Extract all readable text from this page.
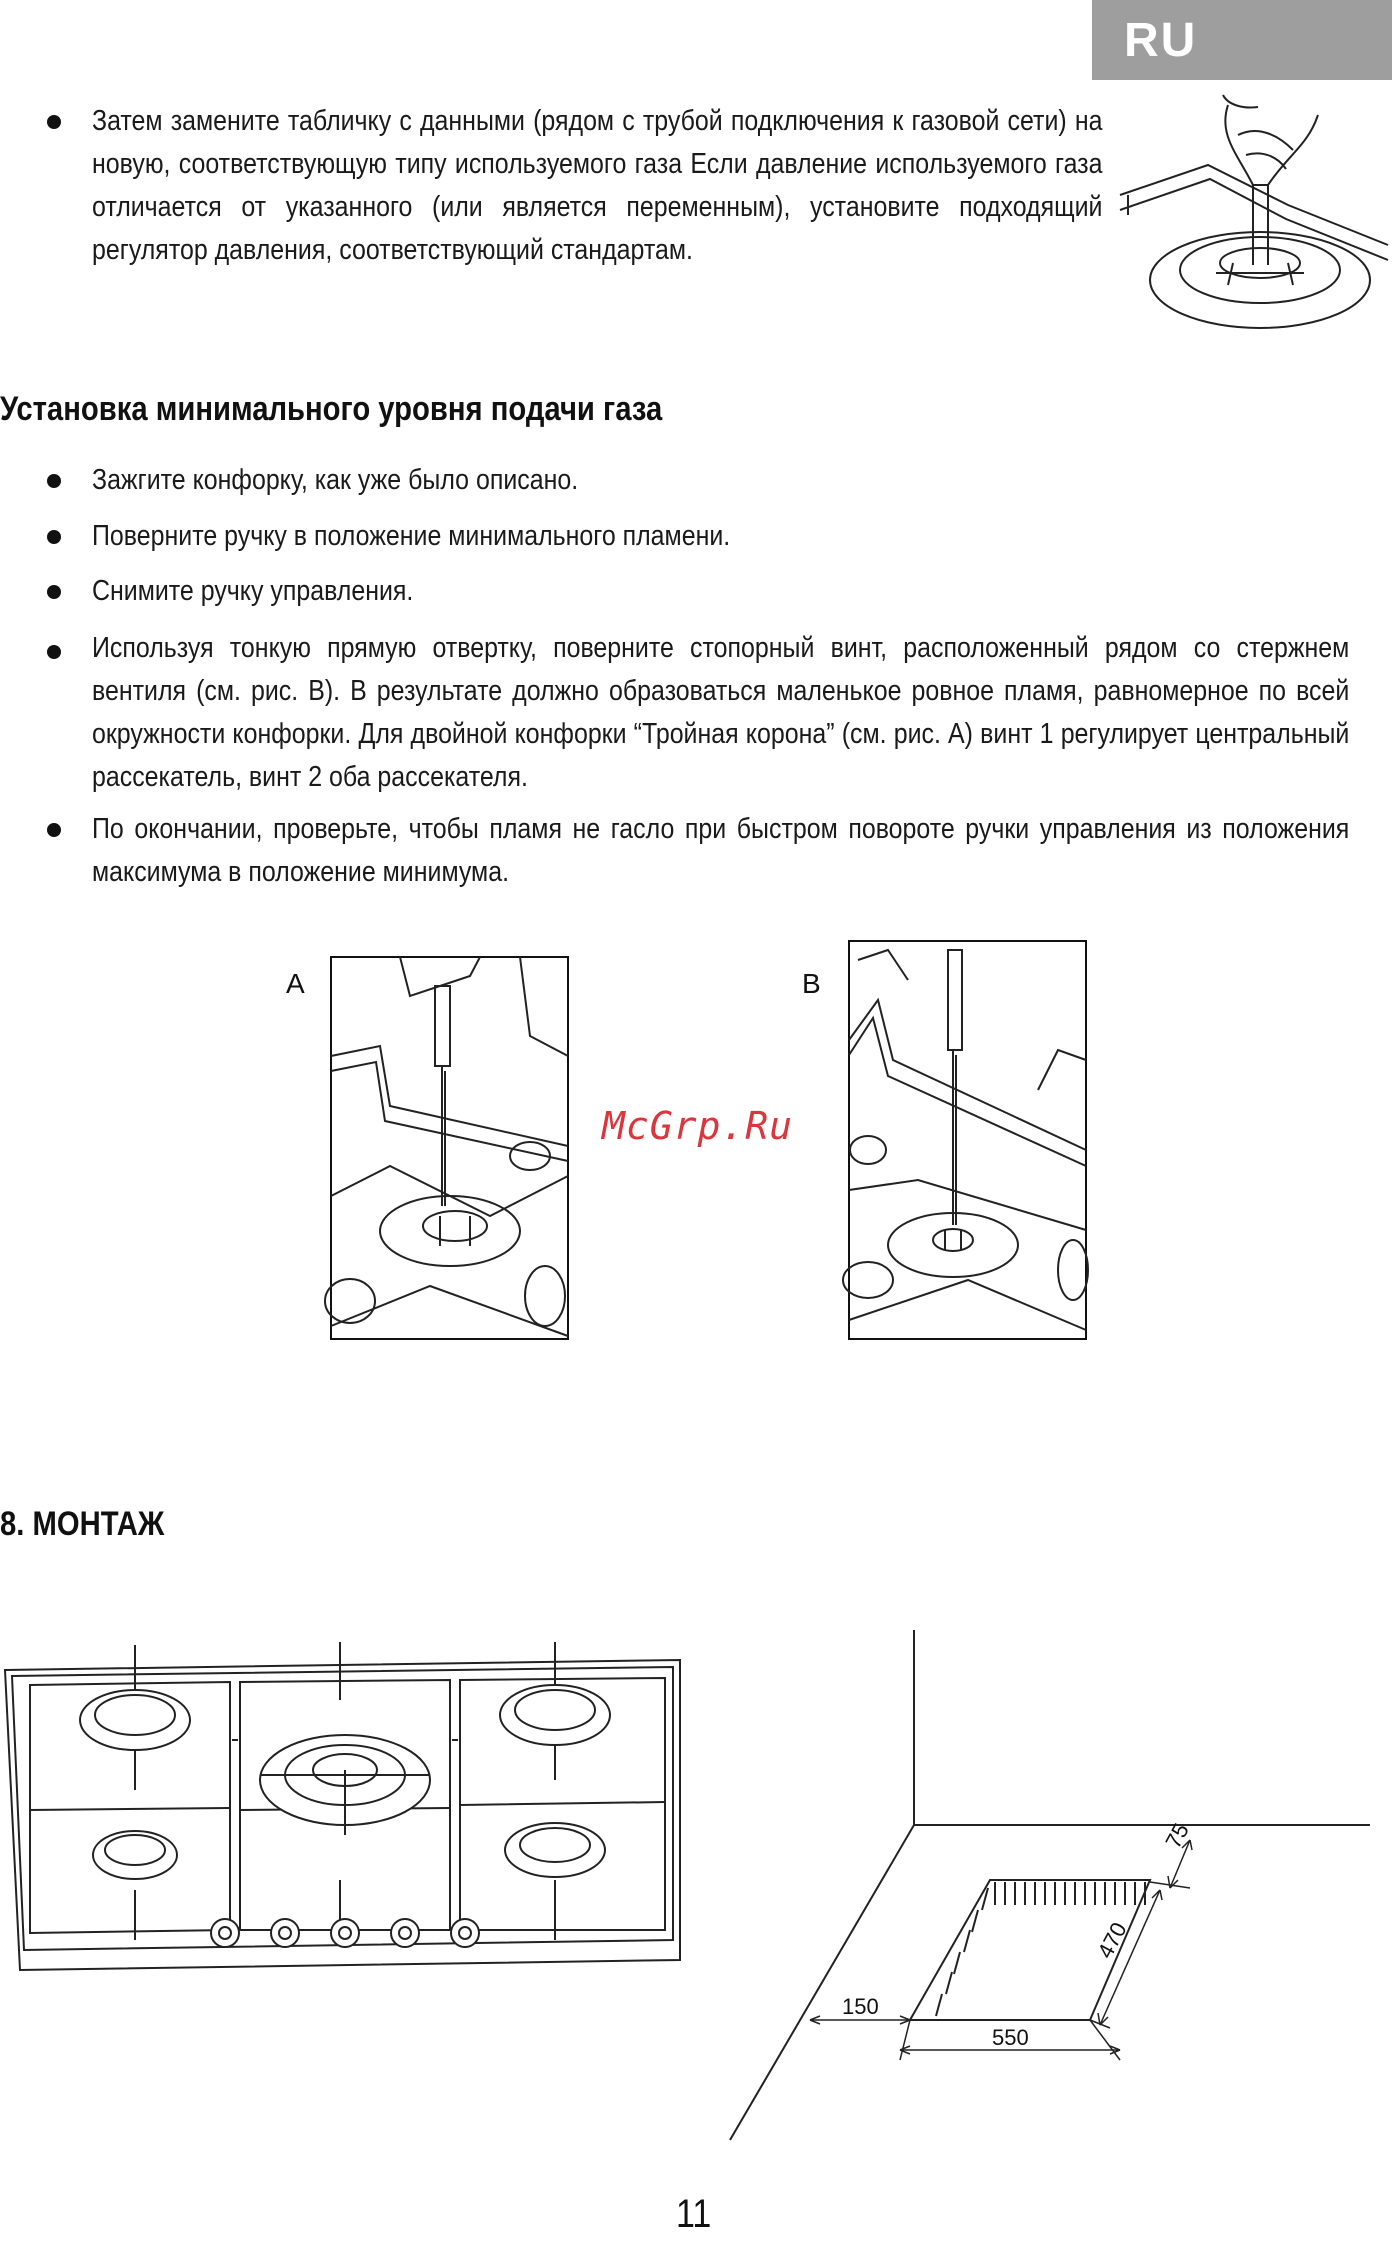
RU
Затем замените табличку с данными (рядом с трубой подключения к газовой сети) на новую, соответствующую типу используемого газа Если давление используемого газа отличается от указанного (или является переменным), установите подходящий регулятор давления, соответствующий стандартам.
Установка минимального уровня подачи газа
Зажгите конфорку, как уже было описано.
Поверните ручку в положение минимального пламени.
Снимите ручку управления.
Используя тонкую прямую отвертку, поверните стопорный винт, расположенный рядом со стержнем вентиля (см. рис. B). В результате должно образоваться маленькое ровное пламя, равномерное по всей окружности конфорки. Для двойной конфорки “Тройная корона” (см. рис. A) винт 1 регулирует центральный рассекатель, винт 2 оба рассекателя.
По окончании, проверьте, чтобы пламя не гасло при быстром повороте ручки управления из положения максимума в положение минимума.
A	B
McGrp.Ru
8. МОНТАЖ
150
550
470
75
11
